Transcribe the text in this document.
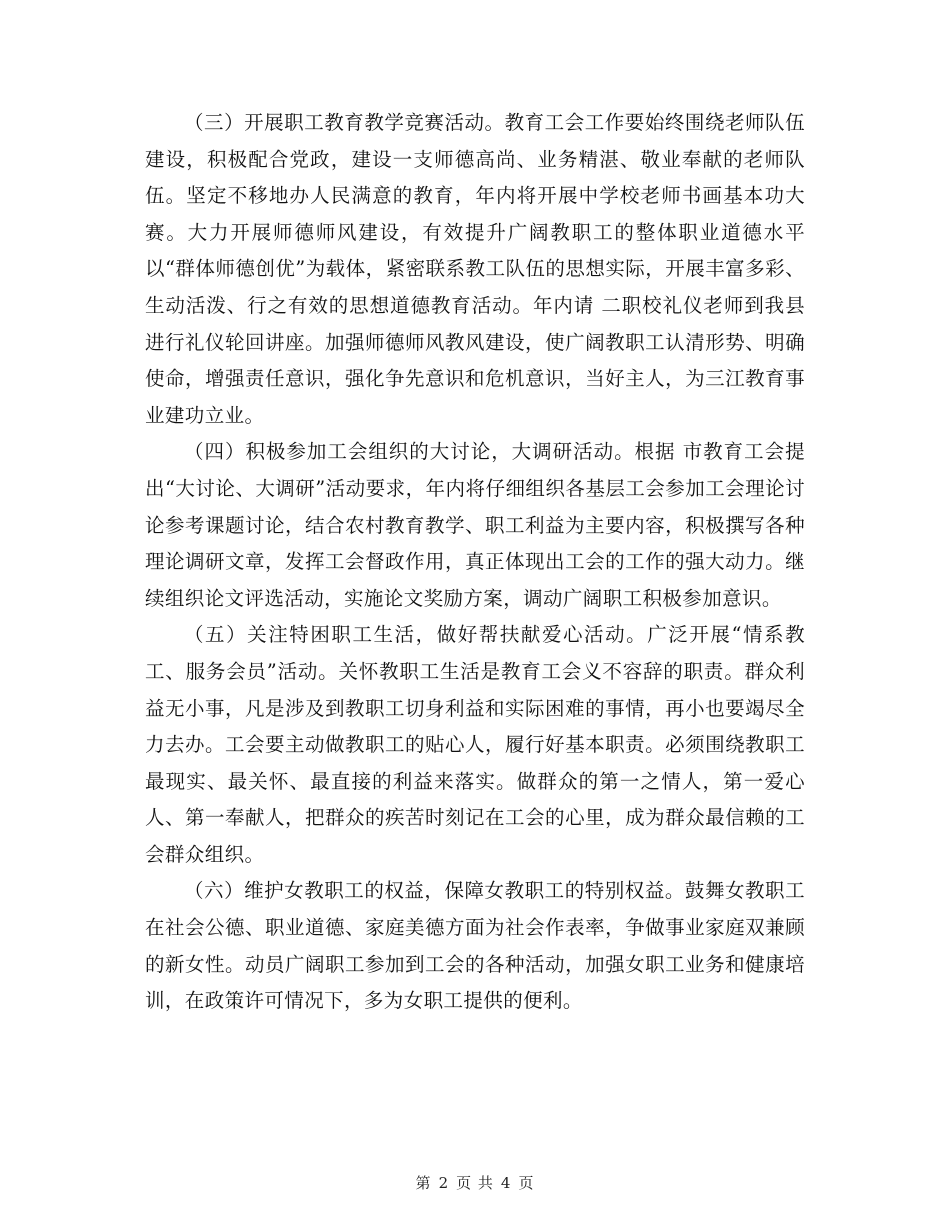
（三）开展职工教育教学竞赛活动。教育工会工作要始终围绕老师队伍建设，积极配合党政，建设一支师德高尚、业务精湛、敬业奉献的老师队伍。坚定不移地办人民满意的教育，年内将开展中学校老师书画基本功大赛。大力开展师德师风建设，有效提升广阔教职工的整体职业道德水平以“群体师德创优”为载体，紧密联系教工队伍的思想实际，开展丰富多彩、生动活泼、行之有效的思想道德教育活动。年内请 二职校礼仪老师到我县进行礼仪轮回讲座。加强师德师风教风建设，使广阔教职工认清形势、明确使命，增强责任意识，强化争先意识和危机意识，当好主人，为三江教育事业建功立业。

（四）积极参加工会组织的大讨论，大调研活动。根据 市教育工会提出“大讨论、大调研”活动要求，年内将仔细组织各基层工会参加工会理论讨论参考课题讨论，结合农村教育教学、职工利益为主要内容，积极撰写各种理论调研文章，发挥工会督政作用，真正体现出工会的工作的强大动力。继续组织论文评选活动，实施论文奖励方案，调动广阔职工积极参加意识。

（五）关注特困职工生活，做好帮扶献爱心活动。广泛开展“情系教工、服务会员”活动。关怀教职工生活是教育工会义不容辞的职责。群众利益无小事，凡是涉及到教职工切身利益和实际困难的事情，再小也要竭尽全力去办。工会要主动做教职工的贴心人，履行好基本职责。必须围绕教职工最现实、最关怀、最直接的利益来落实。做群众的第一之情人，第一爱心人、第一奉献人，把群众的疾苦时刻记在工会的心里，成为群众最信赖的工会群众组织。

（六）维护女教职工的权益，保障女教职工的特别权益。鼓舞女教职工在社会公德、职业道德、家庭美德方面为社会作表率，争做事业家庭双兼顾的新女性。动员广阔职工参加到工会的各种活动，加强女职工业务和健康培训，在政策许可情况下，多为女职工提供的便利。

第 2 页 共 4 页
